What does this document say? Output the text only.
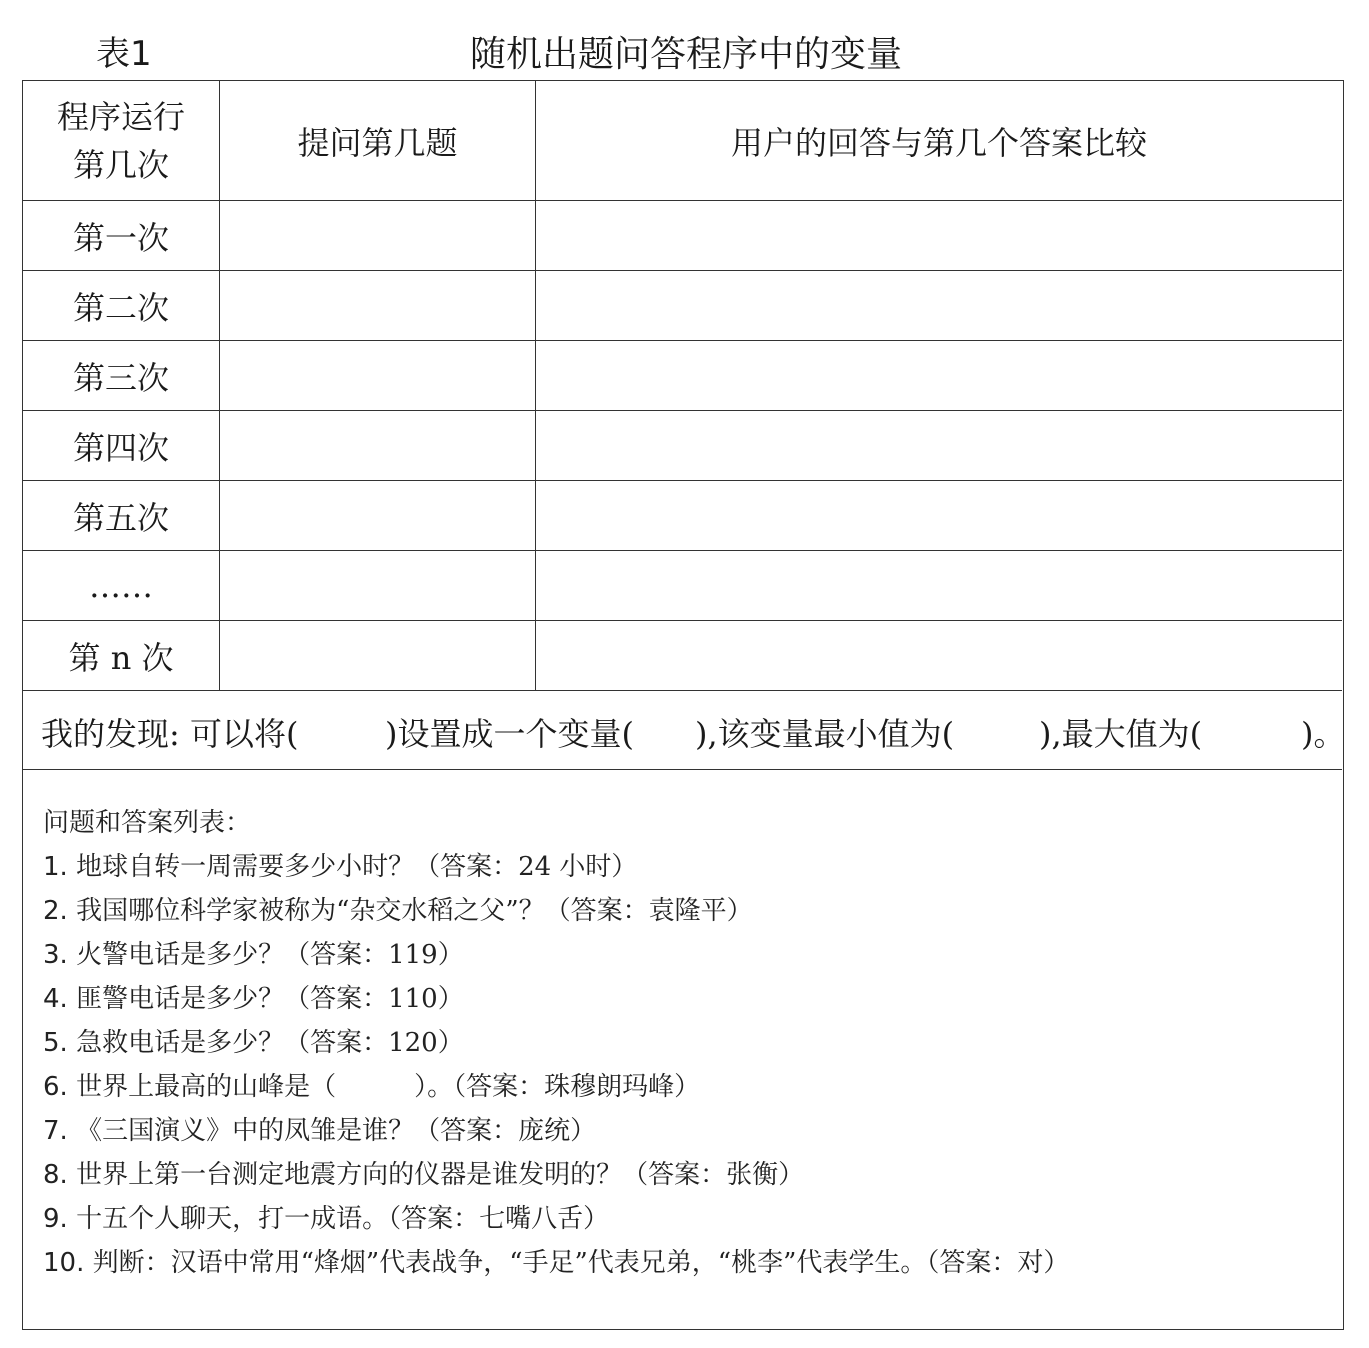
表1	随机出题问答程序中的变量
程序运行
第几次	提问第几题	用户的回答与第几个答案比较
第一次		
第二次		
第三次		
第四次		
第五次		
……		
第 n 次		
我的发现: 可以将(	)设置成一个变量( ),该变量最小值为(	),最大值为(	)。
问题和答案列表：
1. 地球自转一周需要多少小时？（答案：24 小时）
2. 我国哪位科学家被称为“杂交水稻之父”？（答案：袁隆平）
3. 火警电话是多少？（答案：119）
4. 匪警电话是多少？（答案：110）
5. 急救电话是多少？（答案：120）
6. 世界上最高的山峰是（　　　）。（答案：珠穆朗玛峰）
7. 《三国演义》中的凤雏是谁？（答案：庞统）
8. 世界上第一台测定地震方向的仪器是谁发明的？（答案：张衡）
9. 十五个人聊天，打一成语。（答案：七嘴八舌）
10. 判断：汉语中常用“烽烟”代表战争，“手足”代表兄弟，“桃李”代表学生。（答案：对）
